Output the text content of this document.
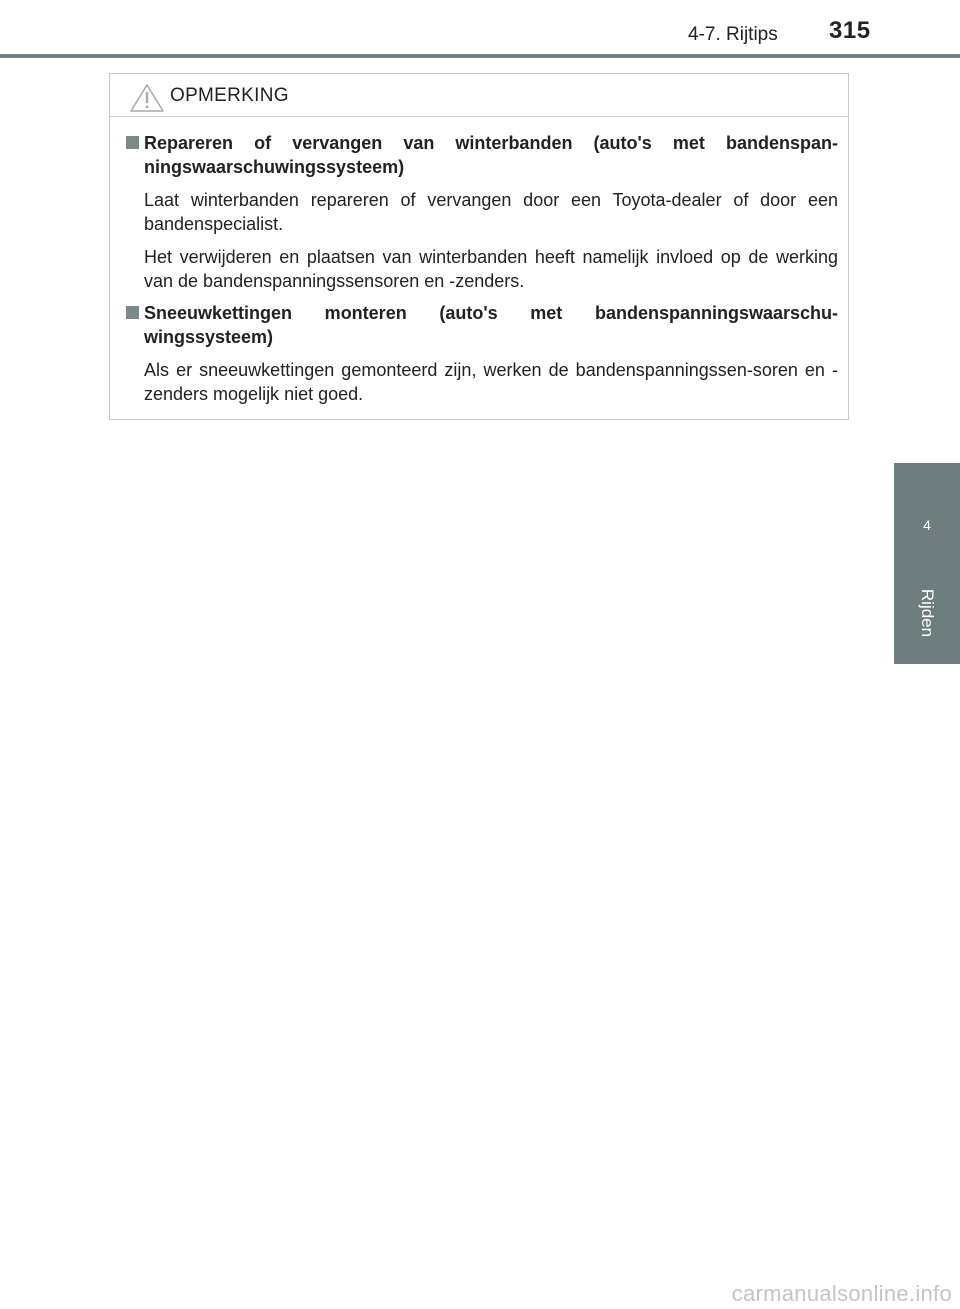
4-7. Rijtips 315
4
Rijden
OPMERKING
Repareren of vervangen van winterbanden (auto's met bandenspan-ningswaarschuwingssysteem)
Laat winterbanden repareren of vervangen door een Toyota-dealer of door een bandenspecialist.
Het verwijderen en plaatsen van winterbanden heeft namelijk invloed op de werking van de bandenspanningssensoren en -zenders.
Sneeuwkettingen monteren (auto's met bandenspanningswaarschu-wingssysteem)
Als er sneeuwkettingen gemonteerd zijn, werken de bandenspanningssen-soren en -zenders mogelijk niet goed.
carmanualsonline.info
